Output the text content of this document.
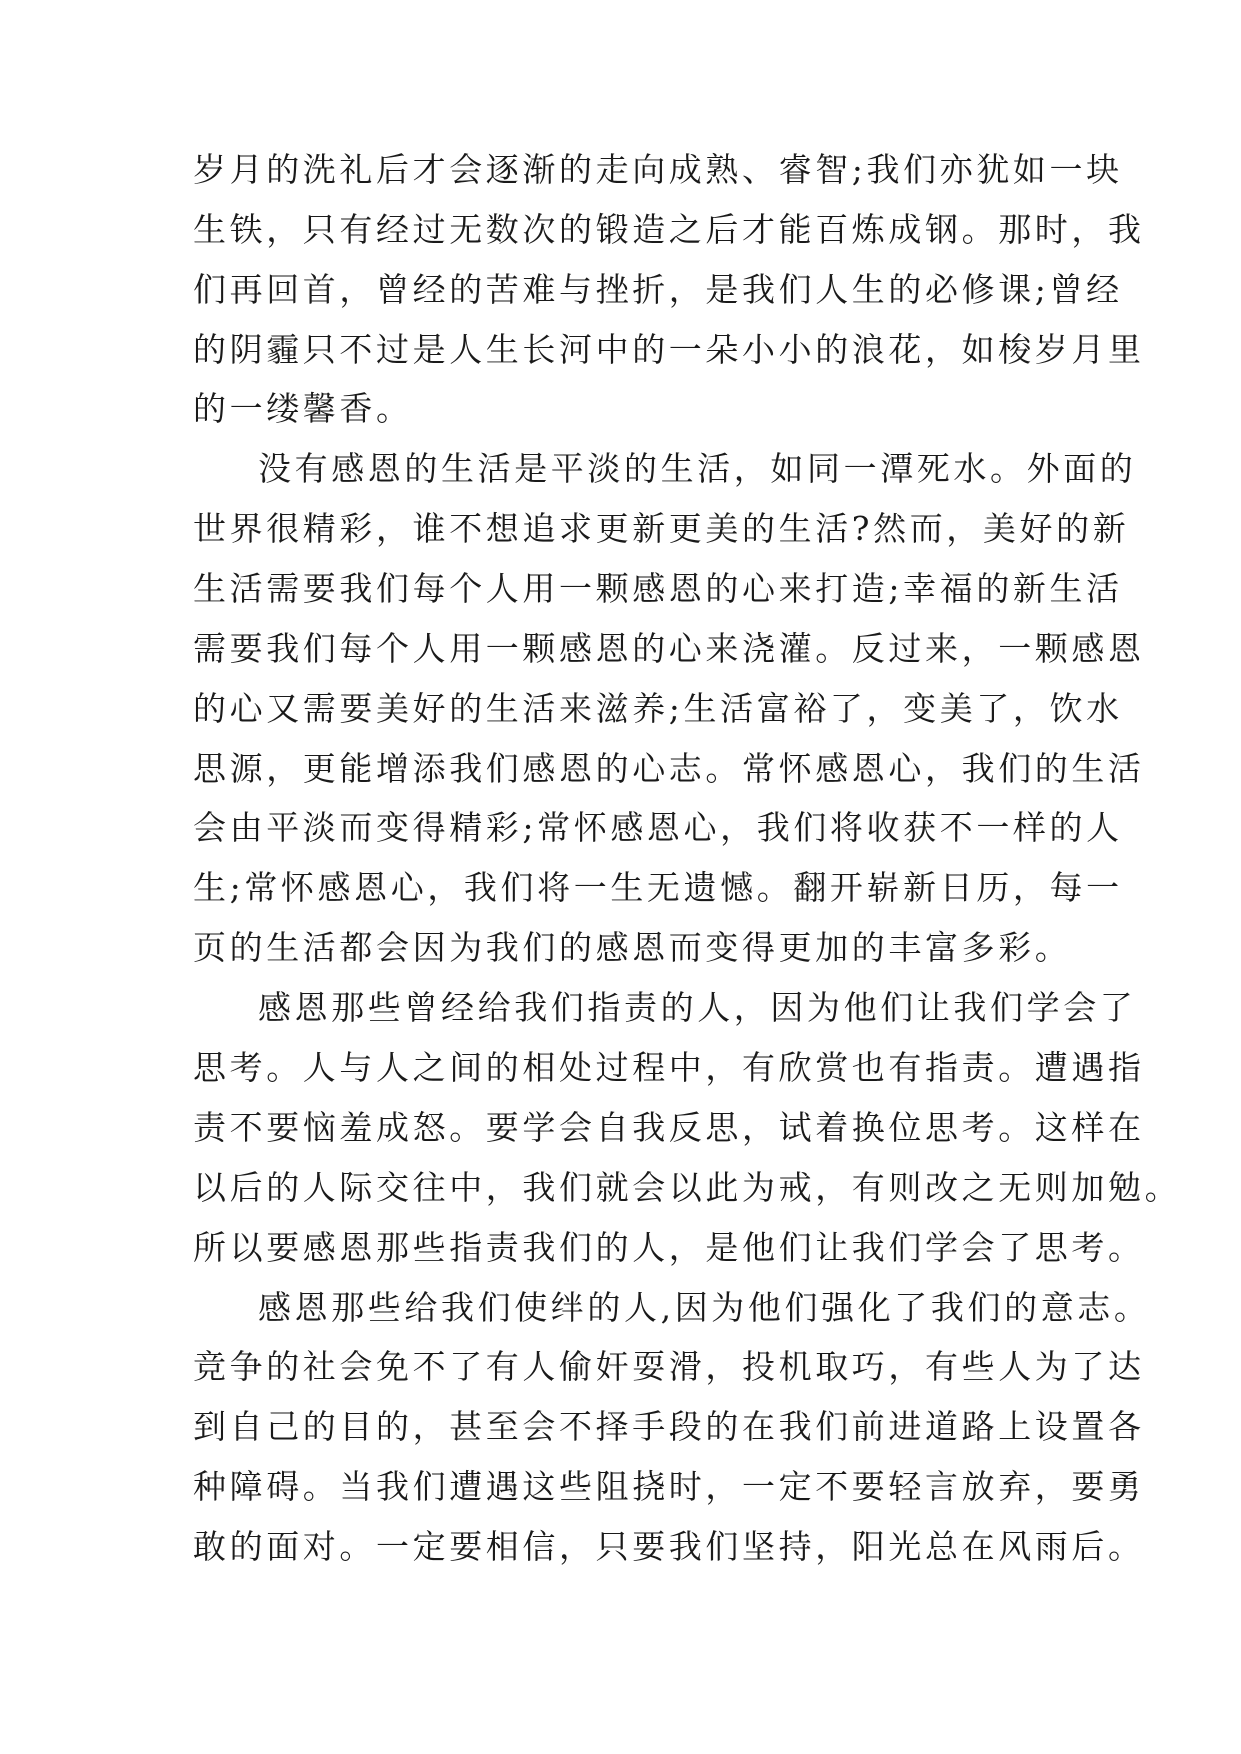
岁月的洗礼后才会逐渐的走向成熟、睿智;我们亦犹如一块
生铁，只有经过无数次的锻造之后才能百炼成钢。那时，我
们再回首，曾经的苦难与挫折，是我们人生的必修课;曾经
的阴霾只不过是人生长河中的一朵小小的浪花，如梭岁月里
的一缕馨香。
没有感恩的生活是平淡的生活，如同一潭死水。外面的
世界很精彩，谁不想追求更新更美的生活?然而，美好的新
生活需要我们每个人用一颗感恩的心来打造;幸福的新生活
需要我们每个人用一颗感恩的心来浇灌。反过来，一颗感恩
的心又需要美好的生活来滋养;生活富裕了，变美了，饮水
思源，更能增添我们感恩的心志。常怀感恩心，我们的生活
会由平淡而变得精彩;常怀感恩心，我们将收获不一样的人
生;常怀感恩心，我们将一生无遗憾。翻开崭新日历，每一
页的生活都会因为我们的感恩而变得更加的丰富多彩。
感恩那些曾经给我们指责的人，因为他们让我们学会了
思考。人与人之间的相处过程中，有欣赏也有指责。遭遇指
责不要恼羞成怒。要学会自我反思，试着换位思考。这样在
以后的人际交往中，我们就会以此为戒，有则改之无则加勉。
所以要感恩那些指责我们的人，是他们让我们学会了思考。
感恩那些给我们使绊的人,因为他们强化了我们的意志。
竞争的社会免不了有人偷奸耍滑，投机取巧，有些人为了达
到自己的目的，甚至会不择手段的在我们前进道路上设置各
种障碍。当我们遭遇这些阻挠时，一定不要轻言放弃，要勇
敢的面对。一定要相信，只要我们坚持，阳光总在风雨后。
